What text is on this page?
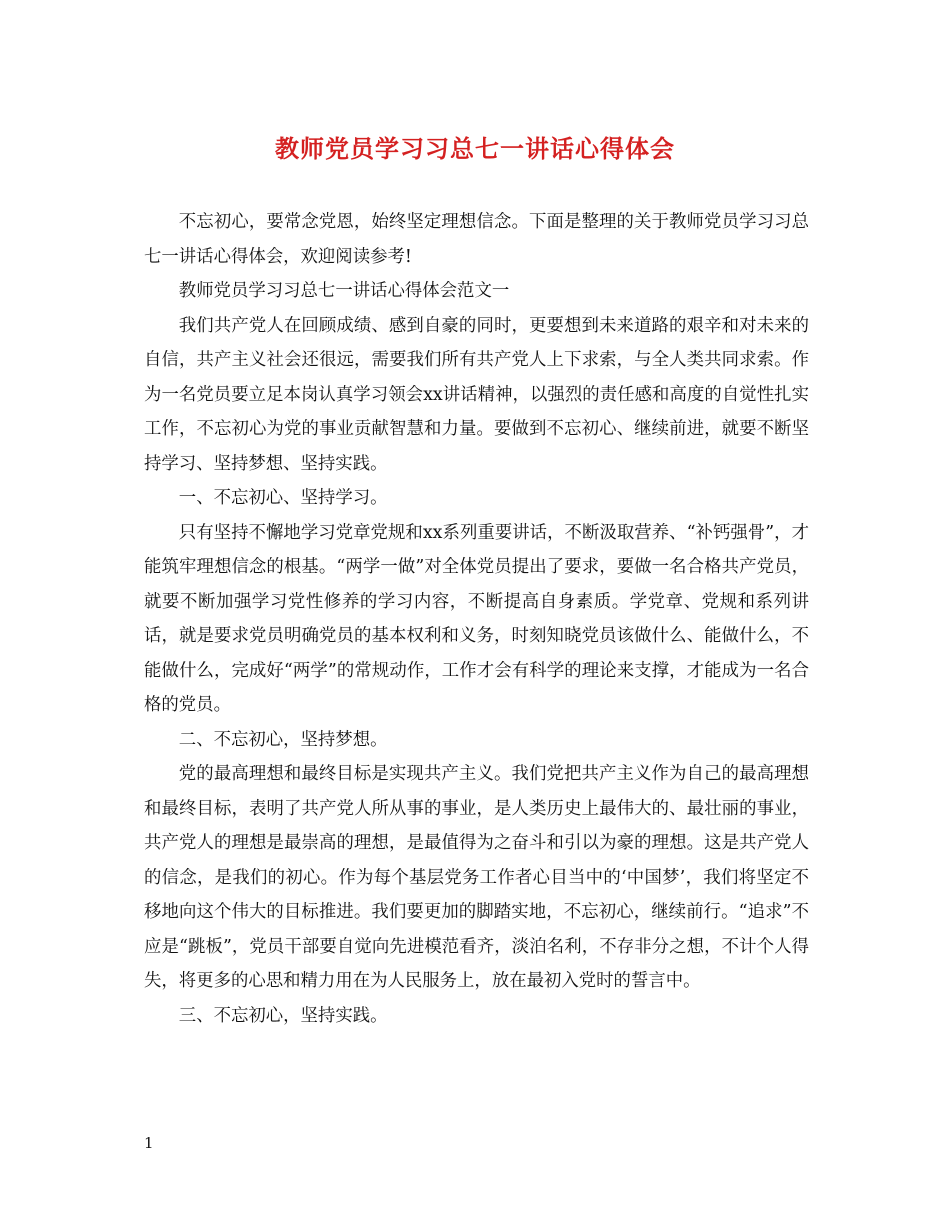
教师党员学习习总七一讲话心得体会

不忘初心，要常念党恩，始终坚定理想信念。下面是整理的关于教师党员学习习总七一讲话心得体会，欢迎阅读参考!

教师党员学习习总七一讲话心得体会范文一

我们共产党人在回顾成绩、感到自豪的同时，更要想到未来道路的艰辛和对未来的自信，共产主义社会还很远，需要我们所有共产党人上下求索，与全人类共同求索。作为一名党员要立足本岗认真学习领会xx讲话精神，以强烈的责任感和高度的自觉性扎实工作，不忘初心为党的事业贡献智慧和力量。要做到不忘初心、继续前进，就要不断坚持学习、坚持梦想、坚持实践。

一、不忘初心、坚持学习。

只有坚持不懈地学习党章党规和xx系列重要讲话，不断汲取营养、“补钙强骨”，才能筑牢理想信念的根基。“两学一做”对全体党员提出了要求，要做一名合格共产党员，就要不断加强学习党性修养的学习内容，不断提高自身素质。学党章、党规和系列讲话，就是要求党员明确党员的基本权利和义务，时刻知晓党员该做什么、能做什么，不能做什么，完成好“两学”的常规动作，工作才会有科学的理论来支撑，才能成为一名合格的党员。

二、不忘初心，坚持梦想。

党的最高理想和最终目标是实现共产主义。我们党把共产主义作为自己的最高理想和最终目标，表明了共产党人所从事的事业，是人类历史上最伟大的、最壮丽的事业，共产党人的理想是最崇高的理想，是最值得为之奋斗和引以为豪的理想。这是共产党人的信念，是我们的初心。作为每个基层党务工作者心目当中的‘中国梦’，我们将坚定不移地向这个伟大的目标推进。我们要更加的脚踏实地，不忘初心，继续前行。“追求”不应是“跳板”，党员干部要自觉向先进模范看齐，淡泊名利，不存非分之想，不计个人得失，将更多的心思和精力用在为人民服务上，放在最初入党时的誓言中。

三、不忘初心，坚持实践。

1
